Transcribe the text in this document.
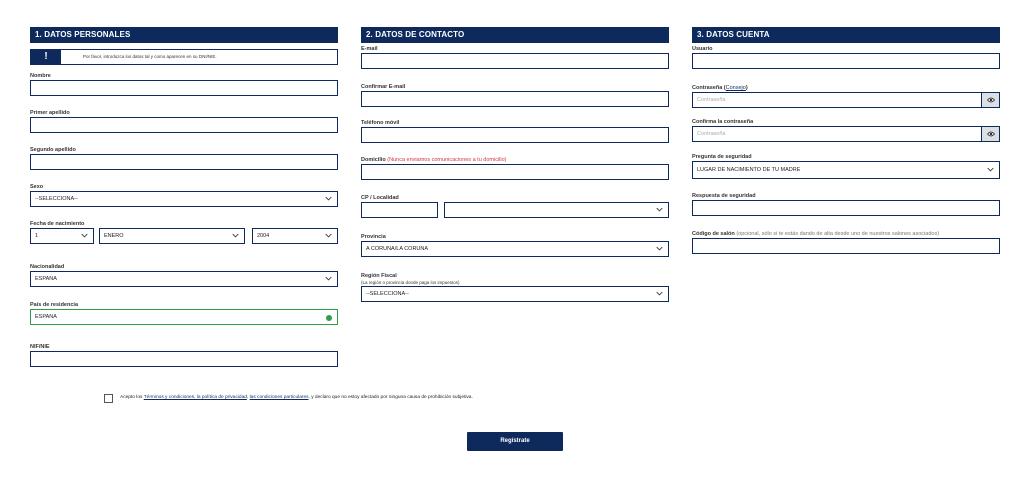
1. DATOS PERSONALES
!	Por favor, introduzca los datos tal y como aparecen en su DNI/NIE.
Nombre
Primer apellido
Segundo apellido
Sexo
--SELECCIONA--
Fecha de nacimiento
1	ENERO	2004
Nacionalidad
ESPANA
País de residencia
ESPANA
NIF/NIE
2. DATOS DE CONTACTO
E-mail
Confirmar E-mail
Teléfono móvil
Domicilio (Nunca enviamos comunicaciones a tu domicilio)
CP / Localidad
Provincia
A CORUNA/LA CORUNA
Región Fiscal
(La región o provincia donde paga los impuestos)
--SELECCIONA--
3. DATOS CUENTA
Usuario
Contraseña (Consejo)
Contraseña
Confirma la contraseña
Contraseña
Pregunta de seguridad
LUGAR DE NACIMIENTO DE TU MADRE
Respuesta de seguridad
Código de salón (opcional, sólo si te estás dando de alta desde uno de nuestros salones asociados)
Acepto los Términos y condiciones, la política de privacidad, las condiciones particulares, y declaro que no estoy afectado por ninguna causa de prohibición subjetiva.
Regístrate
